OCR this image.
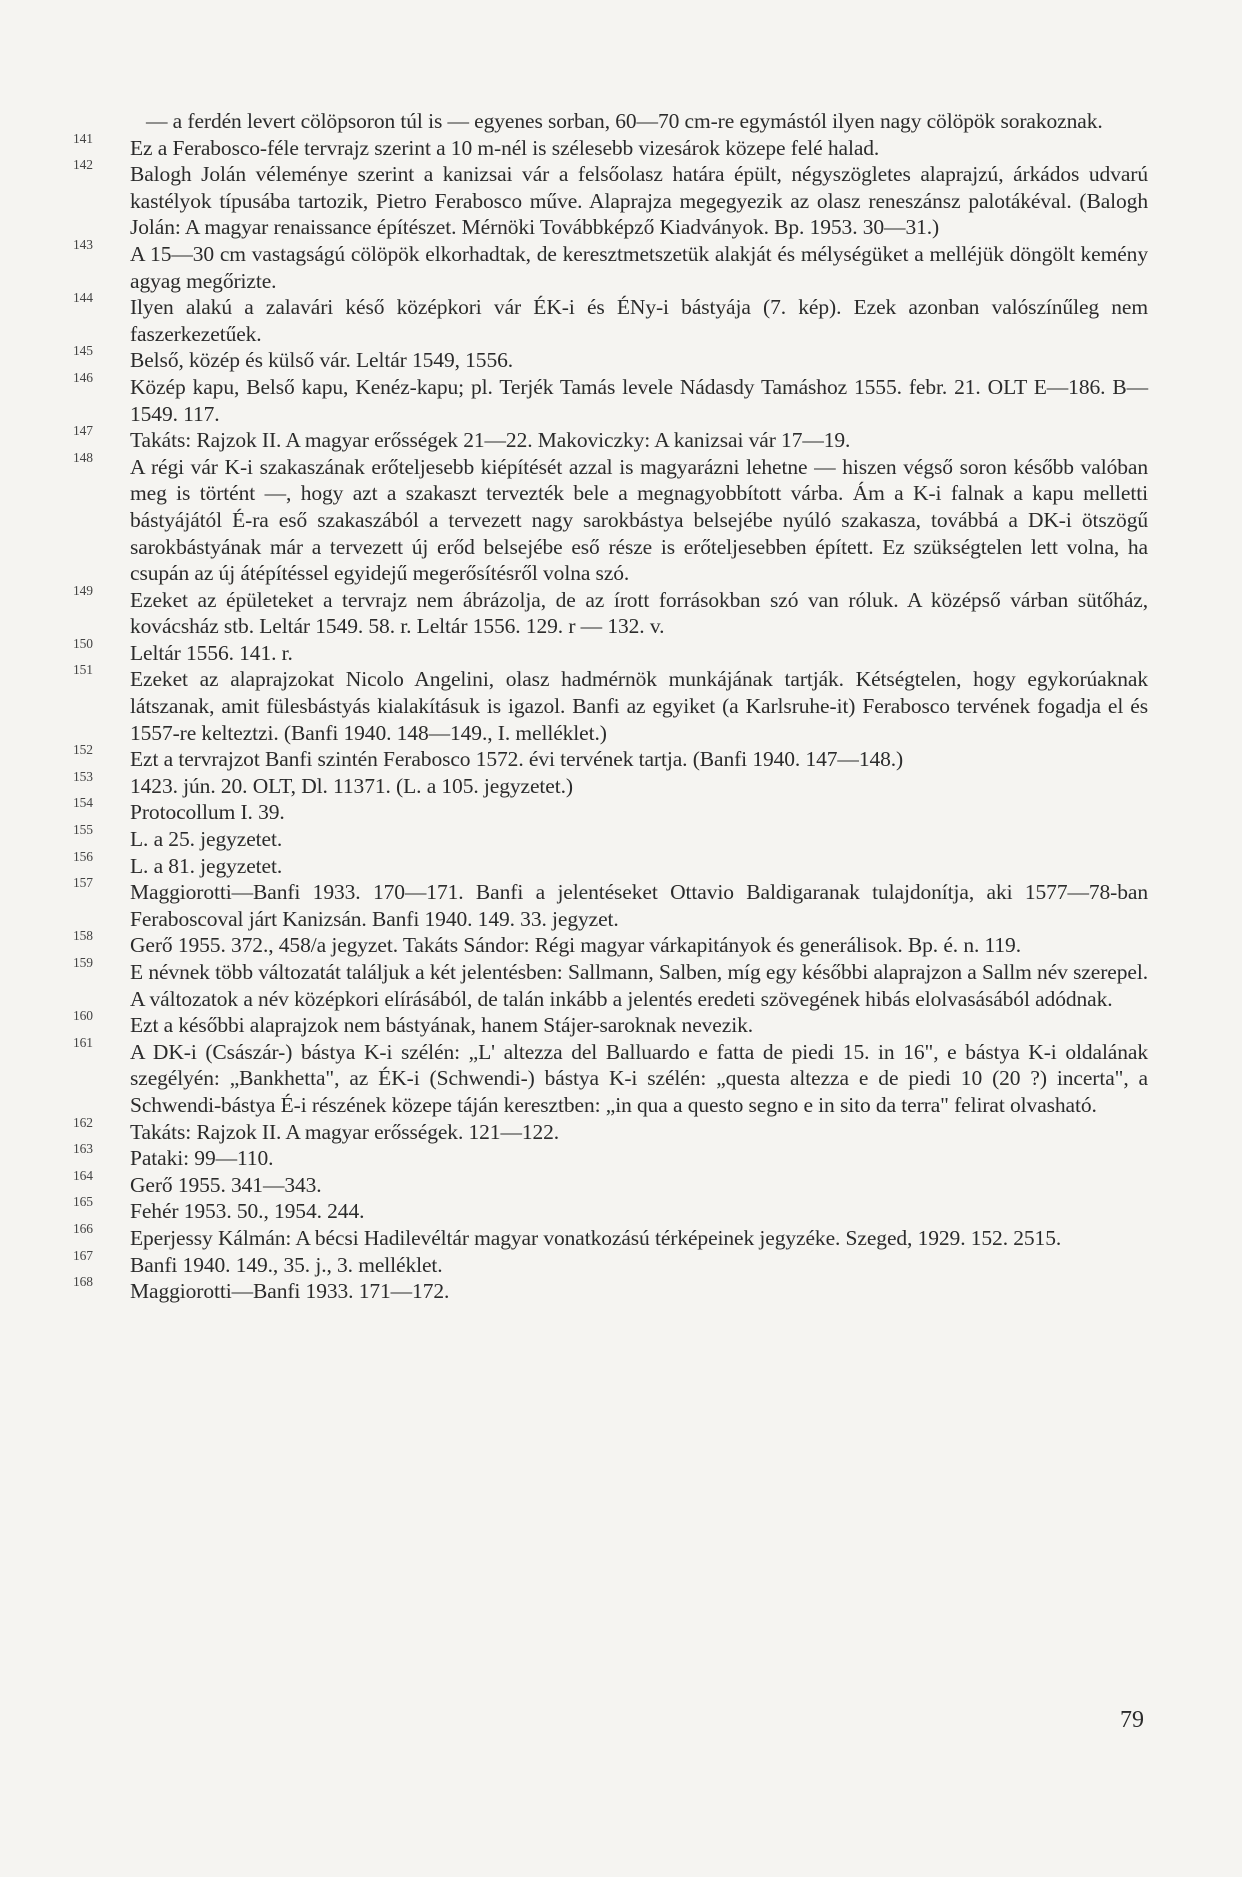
— a ferdén levert cölöpsoron túl is — egyenes sorban, 60—70 cm-re egymástól ilyen nagy cölöpök sorakoznak.
141 Ez a Ferabosco-féle tervrajz szerint a 10 m-nél is szélesebb vizesárok közepe felé halad.
142 Balogh Jolán véleménye szerint a kanizsai vár a felsőolasz határa épült, négyszögletes alaprajzú, árkádos udvarú kastélyok típusába tartozik, Pietro Ferabosco műve. Alaprajza megegyezik az olasz reneszánsz palotákéval. (Balogh Jolán: A magyar renaissance építészet. Mérnöki Továbbképző Kiadványok. Bp. 1953. 30—31.)
143 A 15—30 cm vastagságú cölöpök elkorhadtak, de keresztmetszetük alakját és mélységüket a melléjük döngölt kemény agyag megőrizte.
144 Ilyen alakú a zalavári késő középkori vár ÉK-i és ÉNy-i bástyája (7. kép). Ezek azonban valószínűleg nem faszerkezetűek.
145 Belső, közép és külső vár. Leltár 1549, 1556.
146 Közép kapu, Belső kapu, Kenéz-kapu; pl. Terjék Tamás levele Nádasdy Tamáshoz 1555. febr. 21. OLT E—186. B—1549. 117.
147 Takáts: Rajzok II. A magyar erősségek 21—22. Makoviczky: A kanizsai vár 17—19.
148 A régi vár K-i szakaszának erőteljesebb kiépítését azzal is magyarázni lehetne — hiszen végső soron később valóban meg is történt —, hogy azt a szakaszt tervezték bele a megnagyobbított várba. Ám a K-i falnak a kapu melletti bástyájától É-ra eső szakaszából a tervezett nagy sarokbástya belsejébe nyúló szakasza, továbbá a DK-i ötszögű sarokbástyának már a tervezett új erőd belsejébe eső része is erőteljesebben épített. Ez szükségtelen lett volna, ha csupán az új átépítéssel egyidejű megerősítésről volna szó.
149 Ezeket az épületeket a tervrajz nem ábrázolja, de az írott forrásokban szó van róluk. A középső várban sütőház, kovácsház stb. Leltár 1549. 58. r. Leltár 1556. 129. r — 132. v.
150 Leltár 1556. 141. r.
151 Ezeket az alaprajzokat Nicolo Angelini, olasz hadmérnök munkájának tartják. Kétségtelen, hogy egykorúaknak látszanak, amit fülesbástyás kialakításuk is igazol. Banfi az egyiket (a Karlsruhe-it) Ferabosco tervének fogadja el és 1557-re kelteztzi. (Banfi 1940. 148—149., I. melléklet.)
152 Ezt a tervrajzot Banfi szintén Ferabosco 1572. évi tervének tartja. (Banfi 1940. 147—148.)
153 1423. jún. 20. OLT, Dl. 11371. (L. a 105. jegyzetet.)
154 Protocollum I. 39.
155 L. a 25. jegyzetet.
156 L. a 81. jegyzetet.
157 Maggiorotti—Banfi 1933. 170—171. Banfi a jelentéseket Ottavio Baldigaranak tulajdonítja, aki 1577—78-ban Feraboscoval járt Kanizsán. Banfi 1940. 149. 33. jegyzet.
158 Gerő 1955. 372., 458/a jegyzet. Takáts Sándor: Régi magyar várkapitányok és generálisok. Bp. é. n. 119.
159 E névnek több változatát találjuk a két jelentésben: Sallmann, Salben, míg egy későbbi alaprajzon a Sallm név szerepel. A változatok a név középkori elírásából, de talán inkább a jelentés eredeti szövegének hibás elolvasásából adódnak.
160 Ezt a későbbi alaprajzok nem bástyának, hanem Stájer-saroknak nevezik.
161 A DK-i (Császár-) bástya K-i szélén: „L' altezza del Balluardo e fatta de piedi 15. in 16", e bástya K-i oldalának szegélyén: „Bankhetta", az ÉK-i (Schwendi-) bástya K-i szélén: „questa altezza e de piedi 10 (20 ?) incerta", a Schwendi-bástya É-i részének közepe táján keresztben: „in qua a questo segno e in sito da terra" felirat olvasható.
162 Takáts: Rajzok II. A magyar erősségek. 121—122.
163 Pataki: 99—110.
164 Gerő 1955. 341—343.
165 Fehér 1953. 50., 1954. 244.
166 Eperjessy Kálmán: A bécsi Hadilevéltár magyar vonatkozású térképeinek jegyzéke. Szeged, 1929. 152. 2515.
167 Banfi 1940. 149., 35. j., 3. melléklet.
168 Maggiorotti—Banfi 1933. 171—172.
79
